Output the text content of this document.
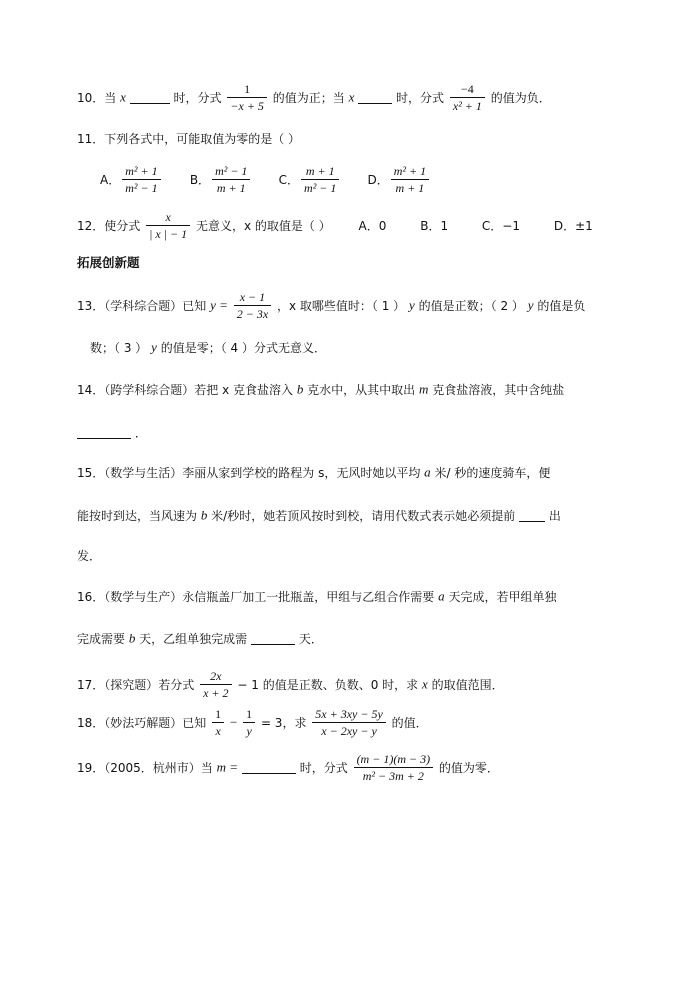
10．当 x	时，分式 $\frac{1}{-x + 5}$ 的值为正；当 x	时，分式 $\frac{-4}{\text{x² + 1}}$ 的值为负．
11．下列各式中，可能取值为零的是（ ）
A． $\frac{\text{m² + 1}}{\text{m² − 1}}$ B． $\frac{\text{m² − 1}}{m + 1}$ C． $\frac{m + 1}{\text{m² − 1}}$ D． $\frac{\text{m² + 1}}{m + 1}$
12．使分式 $\frac{x}{| x | - 1}$ 无意义，x 的取值是（ ） A．0	B．1	C．−1	D．±1
拓展创新题
13．（学科综合题）已知 $y = \frac{x - 1}{2 - 3x}$ ，x 取哪些值时：（ 1 ） y 的值是正数；（ 2 ） y 的值是负
数；（ 3 ） y 的值是零；（ 4 ）分式无意义．
14．（跨学科综合题）若把 x 克食盐溶入 b 克水中，从其中取出 m 克食盐溶液，其中含纯盐
．
15．（数学与生活）李丽从家到学校的路程为 s，无风时她以平均 a 米/ 秒的速度骑车，便
能按时到达，当风速为 b 米/秒时，她若顶风按时到校，请用代数式表示她必须提前	出
发．
16．（数学与生产）永信瓶盖厂加工一批瓶盖，甲组与乙组合作需要 a 天完成，若甲组单独
完成需要 b 天，乙组单独完成需	天．
17．（探究题）若分式 $\frac{2x}{x + 2} - 1$ 的值是正数、负数、0 时，求 x 的取值范围．
18．（妙法巧解题）已知 $\frac{1}{x} - \frac{1}{y} = 3$，求 $\frac{5x + 3xy - 5y}{x - 2xy - y}$ 的值．
19．（2005．杭州市）当 m =	时，分式 $\frac{(m - 1)(m - 3)}{\text{m² − 3m + 2}}$ 的值为零．
